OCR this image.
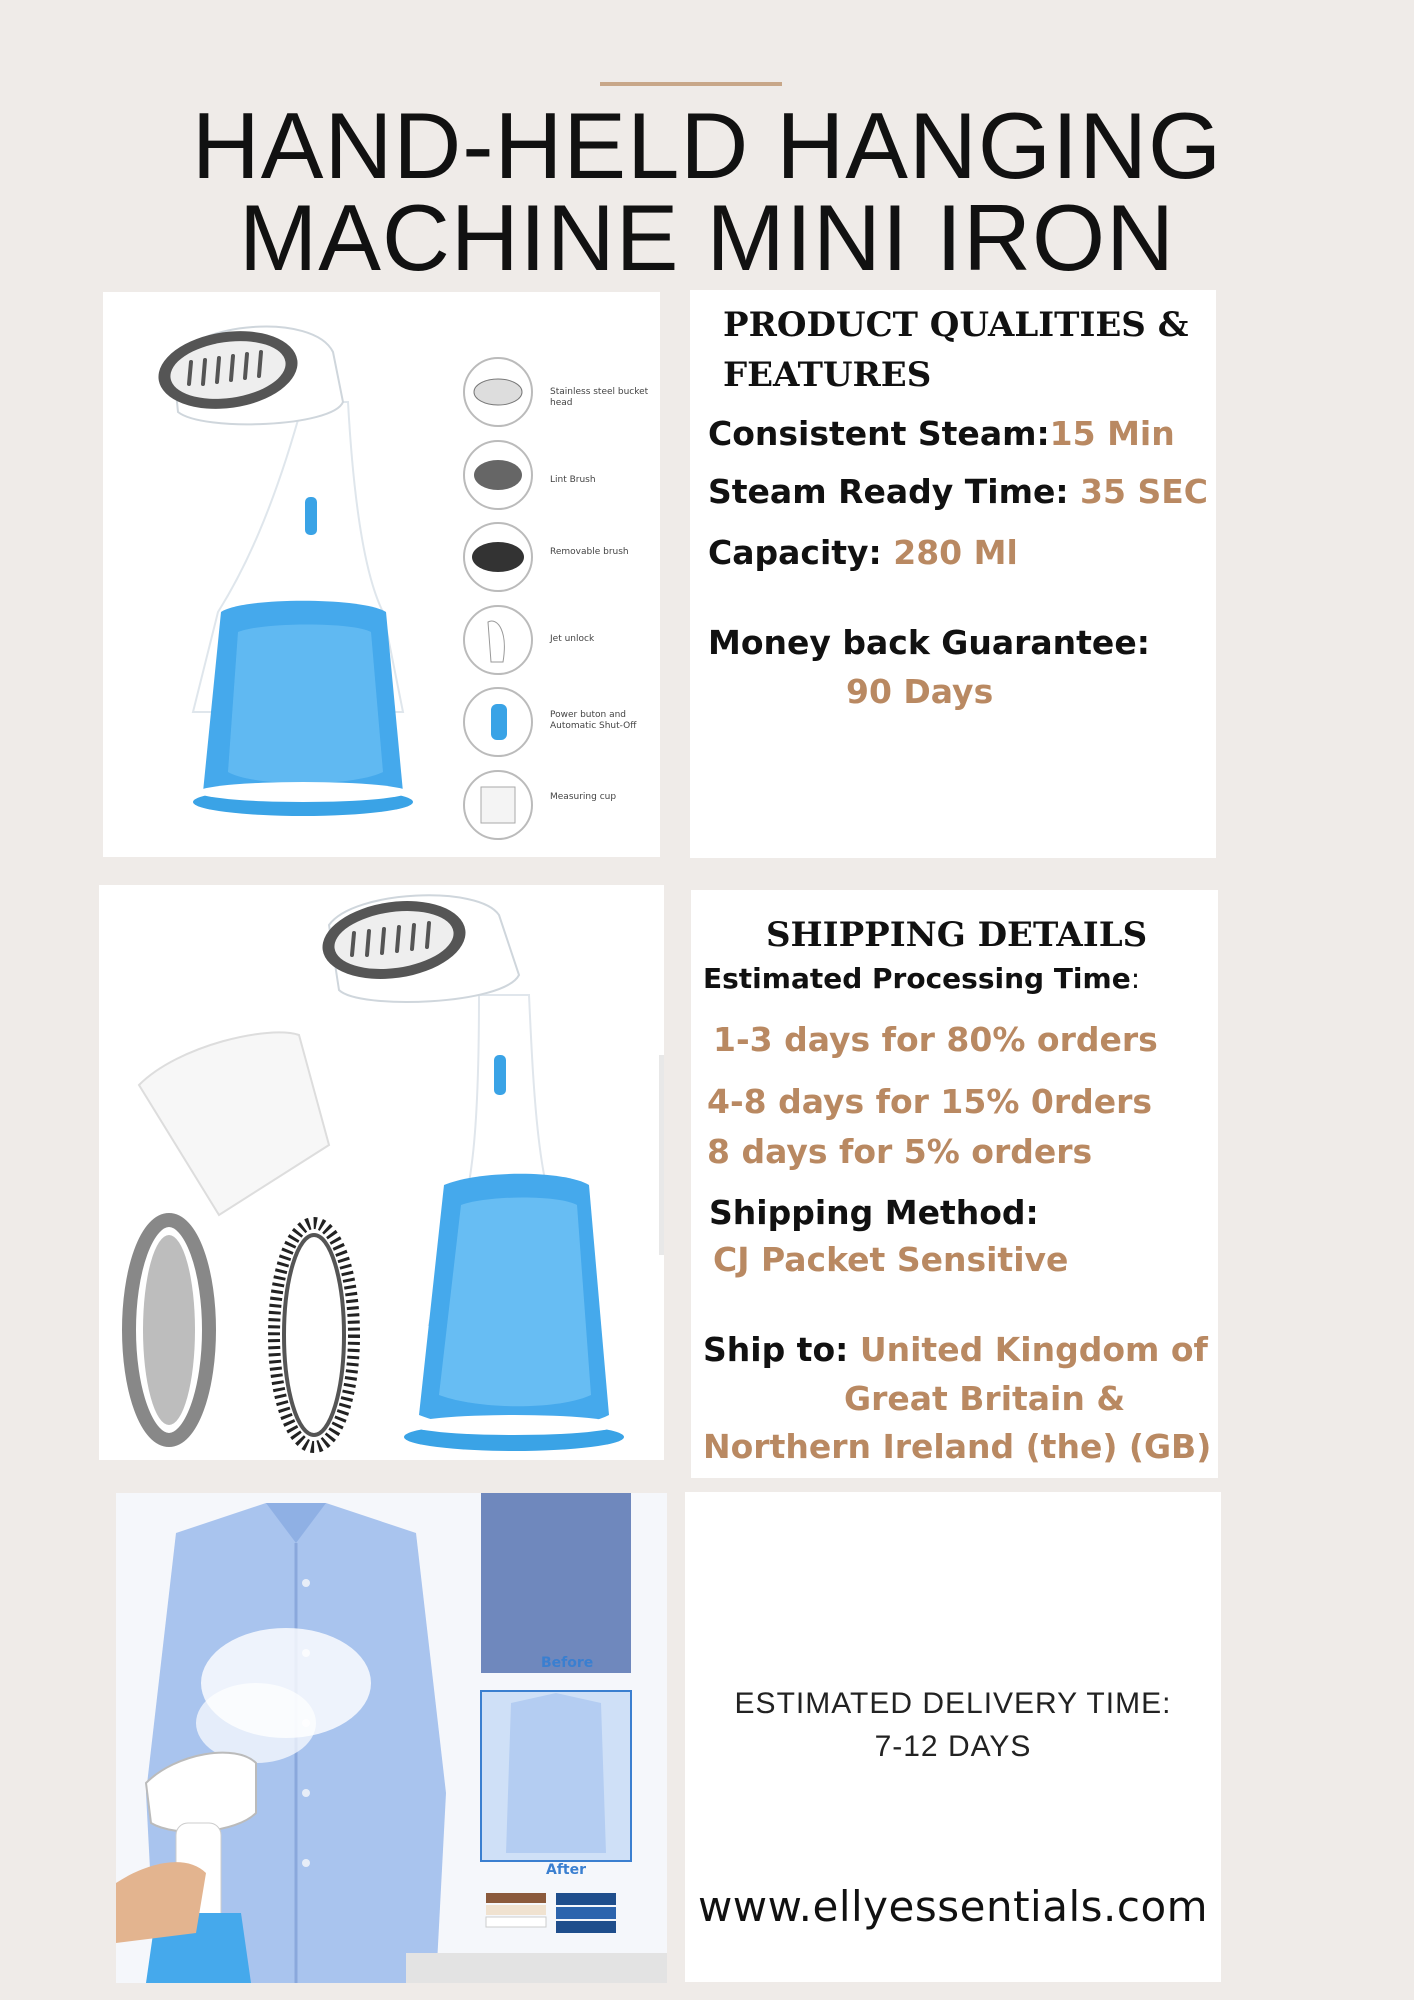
HAND-HELD HANGING
MACHINE MINI IRON
Stainless steel bucket head
Lint Brush
Removable brush
Jet unlock
Power buton and Automatic Shut-Off
Measuring cup

PRODUCT QUALITIES &

FEATURES

Consistent Steam:15 Min
Steam Ready Time: 35 SEC
Capacity: 280 Ml
Money back Guarantee:
90 Days

SHIPPING DETAILS

Estimated Processing Time:
1-3 days for 80% orders
4-8 days for 15% 0rders
8 days for 5% orders
Shipping Method:
CJ Packet Sensitive
Ship to: United Kingdom of
Great Britain &
Northern Ireland (the) (GB)
Before
After
ESTIMATED DELIVERY TIME:
7-12 DAYS
www.ellyessentials.com
